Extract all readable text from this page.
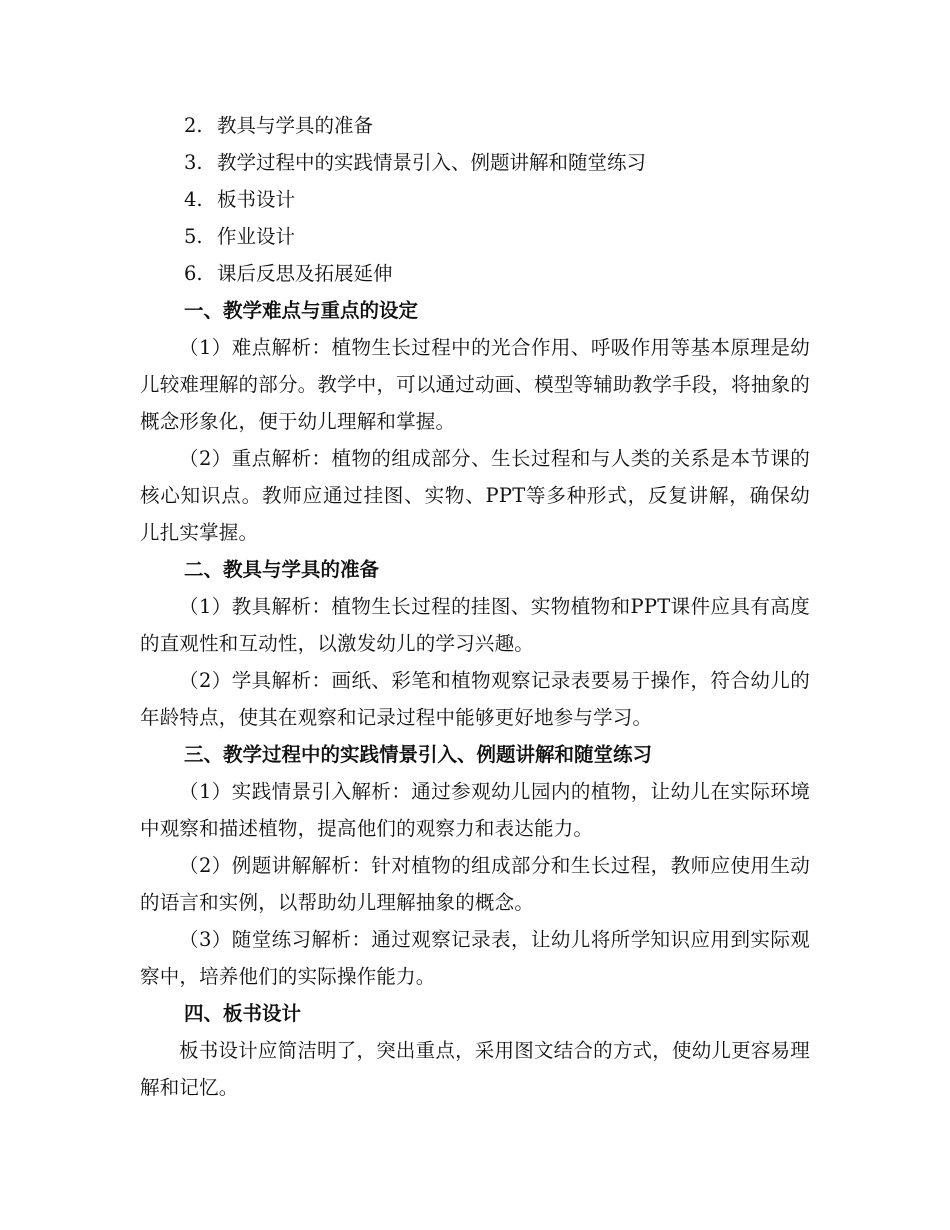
2. 教具与学具的准备
3. 教学过程中的实践情景引入、例题讲解和随堂练习
4. 板书设计
5. 作业设计
6. 课后反思及拓展延伸
一、教学难点与重点的设定
（1）难点解析：植物生长过程中的光合作用、呼吸作用等基本原理是幼儿较难理解的部分。教学中，可以通过动画、模型等辅助教学手段，将抽象的概念形象化，便于幼儿理解和掌握。
（2）重点解析：植物的组成部分、生长过程和与人类的关系是本节课的核心知识点。教师应通过挂图、实物、PPT等多种形式，反复讲解，确保幼儿扎实掌握。
二、教具与学具的准备
（1）教具解析：植物生长过程的挂图、实物植物和PPT课件应具有高度的直观性和互动性，以激发幼儿的学习兴趣。
（2）学具解析：画纸、彩笔和植物观察记录表要易于操作，符合幼儿的年龄特点，使其在观察和记录过程中能够更好地参与学习。
三、教学过程中的实践情景引入、例题讲解和随堂练习
（1）实践情景引入解析：通过参观幼儿园内的植物，让幼儿在实际环境中观察和描述植物，提高他们的观察力和表达能力。
（2）例题讲解解析：针对植物的组成部分和生长过程，教师应使用生动的语言和实例，以帮助幼儿理解抽象的概念。
（3）随堂练习解析：通过观察记录表，让幼儿将所学知识应用到实际观察中，培养他们的实际操作能力。
四、板书设计
板书设计应简洁明了，突出重点，采用图文结合的方式，使幼儿更容易理解和记忆。
